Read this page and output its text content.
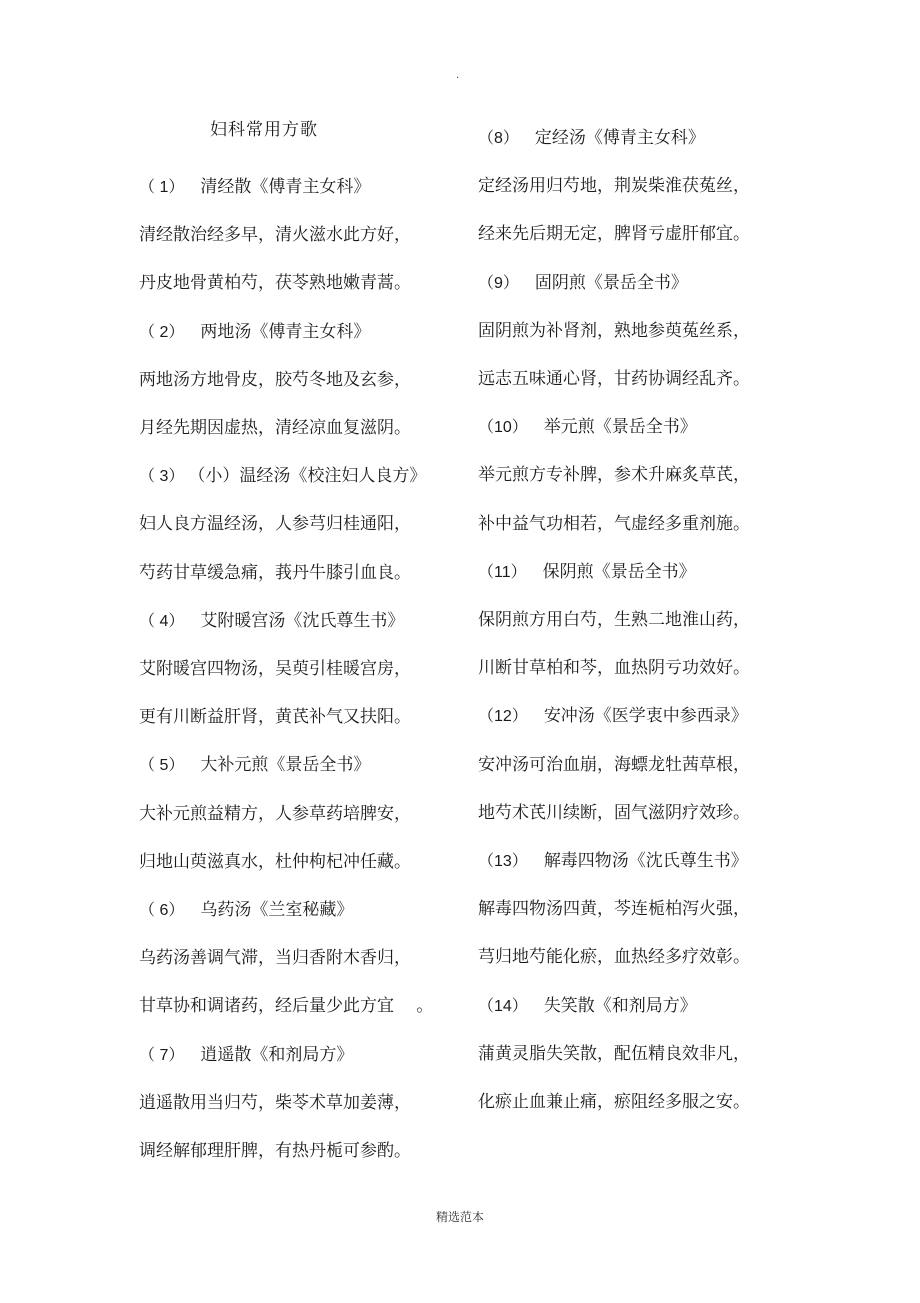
.
妇科常用方歌
（ 1） 清经散《傅青主女科》
清经散治经多早，清火滋水此方好，
丹皮地骨黄柏芍，茯苓熟地嫩青蒿。
（ 2） 两地汤《傅青主女科》
两地汤方地骨皮，胶芍冬地及玄参，
月经先期因虚热，清经凉血复滋阴。
（ 3） （小）温经汤《校注妇人良方》
妇人良方温经汤，人参芎归桂通阳，
芍药甘草缓急痛，莪丹牛膝引血良。
（ 4） 艾附暖宫汤《沈氏尊生书》
艾附暖宫四物汤，吴萸引桂暖宫房，
更有川断益肝肾，黄芪补气又扶阳。
（ 5） 大补元煎《景岳全书》
大补元煎益精方，人参草药培脾安，
归地山萸滋真水，杜仲枸杞冲任藏。
（ 6） 乌药汤《兰室秘藏》
乌药汤善调气滞，当归香附木香归，
甘草协和调诸药，经后量少此方宜　 。
（ 7） 逍遥散《和剂局方》
逍遥散用当归芍，柴苓术草加姜薄，
调经解郁理肝脾，有热丹栀可参酌。
（8） 定经汤《傅青主女科》
定经汤用归芍地，荆炭柴淮茯菟丝，
经来先后期无定，脾肾亏虚肝郁宜。
（9） 固阴煎《景岳全书》
固阴煎为补肾剂，熟地参萸菟丝系，
远志五味通心肾，甘药协调经乱齐。
（10） 举元煎《景岳全书》
举元煎方专补脾，参术升麻炙草芪，
补中益气功相若，气虚经多重剂施。
（11） 保阴煎《景岳全书》
保阴煎方用白芍，生熟二地淮山药，
川断甘草柏和芩，血热阴亏功效好。
（12） 安冲汤《医学衷中参西录》
安冲汤可治血崩，海螵龙牡茜草根，
地芍术芪川续断，固气滋阴疗效珍。
（13） 解毒四物汤《沈氏尊生书》
解毒四物汤四黄，芩连栀柏泻火强，
芎归地芍能化瘀，血热经多疗效彰。
（14） 失笑散《和剂局方》
蒲黄灵脂失笑散，配伍精良效非凡，
化瘀止血兼止痛，瘀阻经多服之安。
精选范本
